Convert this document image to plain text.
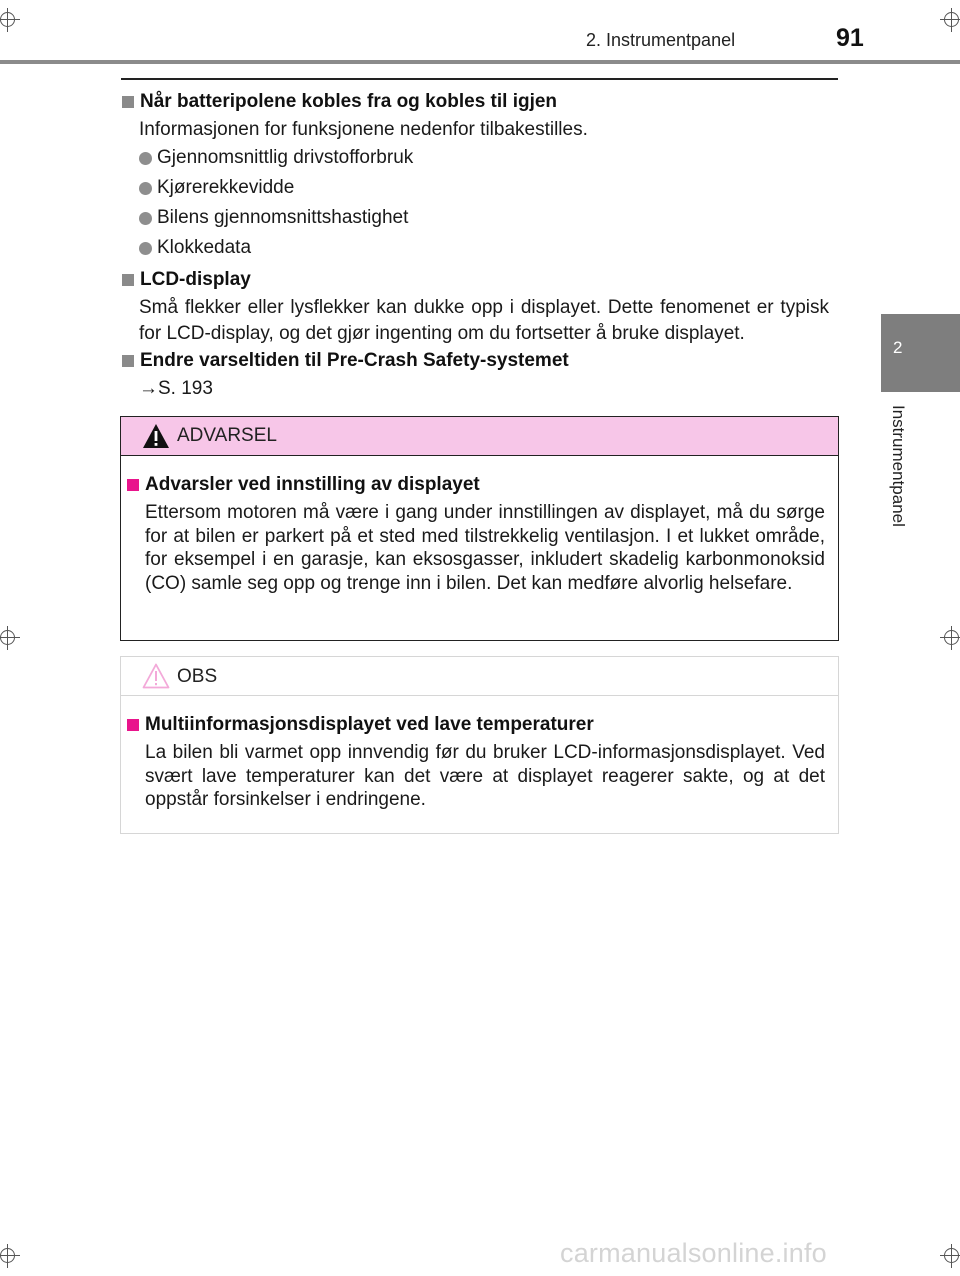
2. Instrumentpanel	91
2
Instrumentpanel
Når batteripolene kobles fra og kobles til igjen
Informasjonen for funksjonene nedenfor tilbakestilles.
Gjennomsnittlig drivstofforbruk
Kjørerekkevidde
Bilens gjennomsnittshastighet
Klokkedata
LCD-display
Små flekker eller lysflekker kan dukke opp i displayet. Dette fenomenet er typisk for LCD-display, og det gjør ingenting om du fortsetter å bruke displayet.
Endre varseltiden til Pre-Crash Safety-systemet
→S. 193
ADVARSEL
Advarsler ved innstilling av displayet
Ettersom motoren må være i gang under innstillingen av displayet, må du sørge for at bilen er parkert på et sted med tilstrekkelig ventilasjon. I et lukket område, for eksempel i en garasje, kan eksosgasser, inkludert skadelig karbonmonoksid (CO) samle seg opp og trenge inn i bilen. Det kan medføre alvorlig helsefare.
OBS
Multiinformasjonsdisplayet ved lave temperaturer
La bilen bli varmet opp innvendig før du bruker LCD-informasjonsdisplayet. Ved svært lave temperaturer kan det være at displayet reagerer sakte, og at det oppstår forsinkelser i endringene.
carmanualsonline.info
